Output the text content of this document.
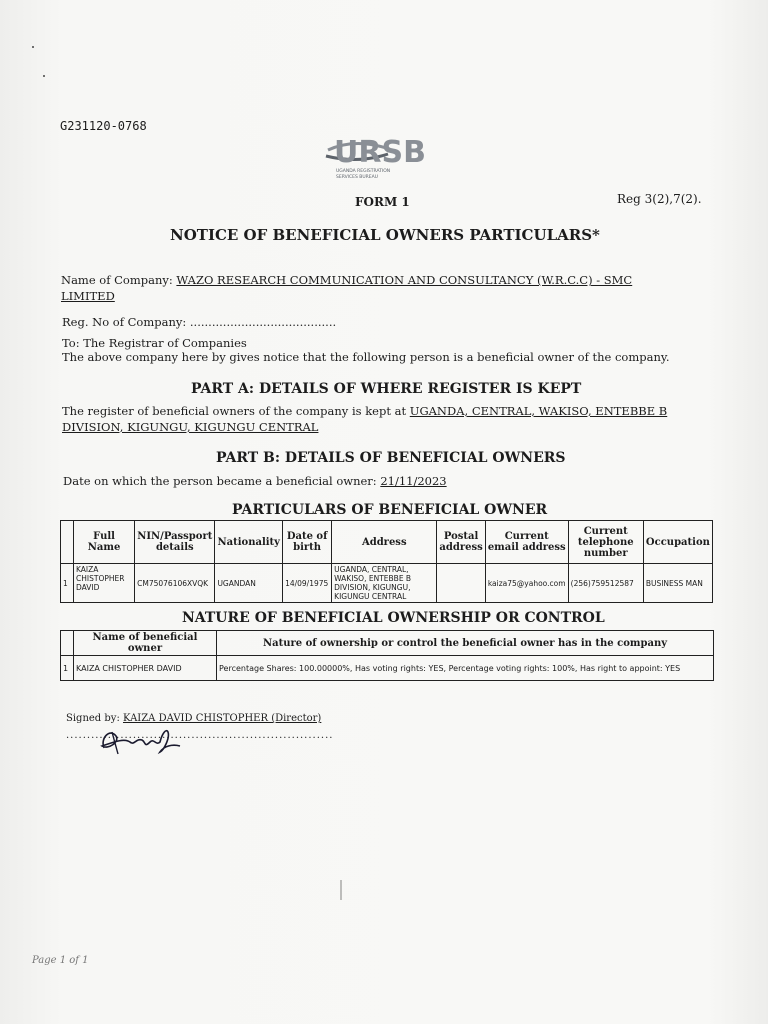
G231120-0768
URSB
UGANDA REGISTRATION
SERVICES BUREAU
FORM 1	Reg 3(2),7(2).
NOTICE OF BENEFICIAL OWNERS PARTICULARS*
Name of Company: WAZO RESEARCH COMMUNICATION AND CONSULTANCY (W.R.C.C) - SMC
LIMITED
Reg. No of Company: ........................................
To: The Registrar of Companies
The above company here by gives notice that the following person is a beneficial owner of the company.
PART A: DETAILS OF WHERE REGISTER IS KEPT
The register of beneficial owners of the company is kept at UGANDA, CENTRAL, WAKISO, ENTEBBE B
DIVISION, KIGUNGU, KIGUNGU CENTRAL
PART B: DETAILS OF BENEFICIAL OWNERS
Date on which the person became a beneficial owner: 21/11/2023
PARTICULARS OF BENEFICIAL OWNER
	Full Name	NIN/Passport details	Nationality	Date of birth	Address	Postal address	Current email address	Current telephone number	Occupation
1	KAIZA CHISTOPHER DAVID	CM75076106XVQK	UGANDAN	14/09/1975	UGANDA, CENTRAL, WAKISO, ENTEBBE B DIVISION, KIGUNGU, KIGUNGU CENTRAL		kaiza75@yahoo.com	(256)759512587	BUSINESS MAN
NATURE OF BENEFICIAL OWNERSHIP OR CONTROL
	Name of beneficial owner	Nature of ownership or control the beneficial owner has in the company
1	KAIZA CHISTOPHER DAVID	Percentage Shares: 100.00000%, Has voting rights: YES, Percentage voting rights: 100%, Has right to appoint: YES
Signed by: KAIZA DAVID CHISTOPHER (Director)
................................................................
Page 1 of 1
